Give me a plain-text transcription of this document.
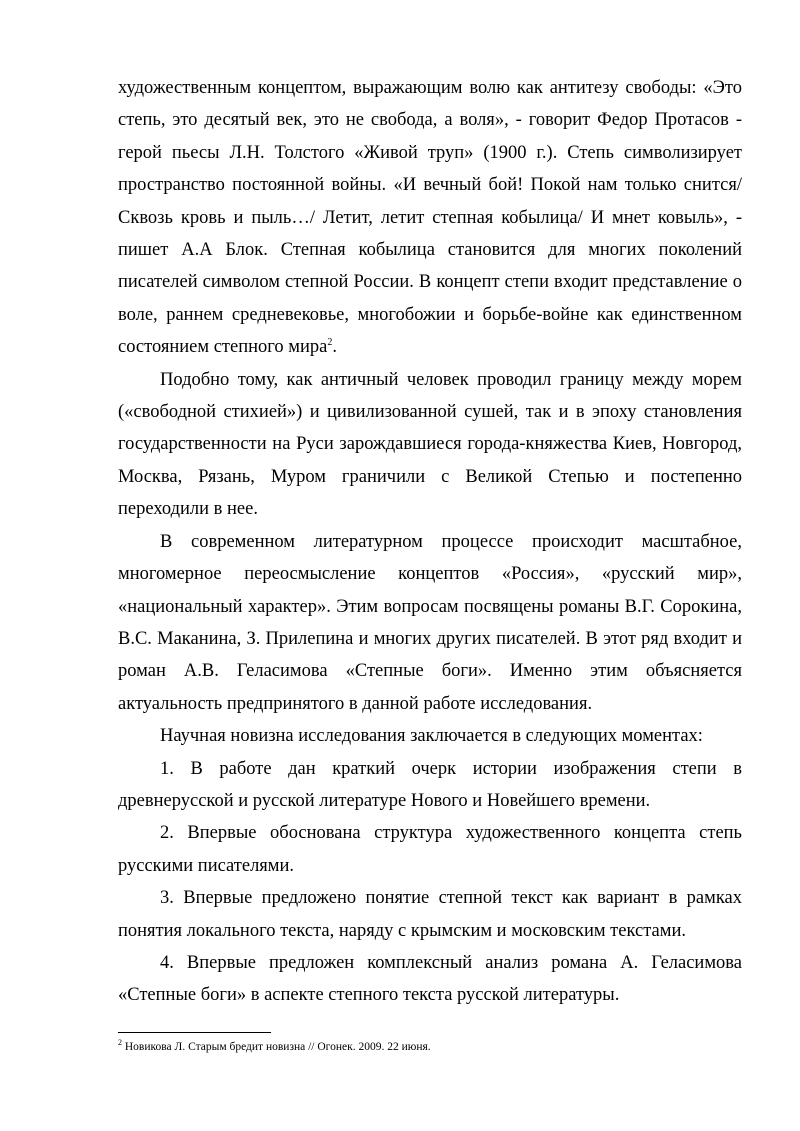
художественным концептом, выражающим волю как антитезу свободы: «Это степь, это десятый век, это не свобода, а воля», - говорит Федор Протасов - герой пьесы Л.Н. Толстого «Живой труп» (1900 г.). Степь символизирует пространство постоянной войны. «И вечный бой! Покой нам только снится/ Сквозь кровь и пыль…/ Летит, летит степная кобылица/ И мнет ковыль», - пишет А.А Блок. Степная кобылица становится для многих поколений писателей символом степной России. В концепт степи входит представление о воле, раннем средневековье, многобожии и борьбе-войне как единственном состоянием степного мира$^2$.

Подобно тому, как античный человек проводил границу между морем («свободной стихией») и цивилизованной сушей, так и в эпоху становления государственности на Руси зарождавшиеся города-княжества Киев, Новгород, Москва, Рязань, Муром граничили с Великой Степью и постепенно переходили в нее.

В современном литературном процессе происходит масштабное, многомерное переосмысление концептов «Россия», «русский мир», «национальный характер». Этим вопросам посвящены романы В.Г. Сорокина, В.С. Маканина, З. Прилепина и многих других писателей. В этот ряд входит и роман А.В. Геласимова «Степные боги». Именно этим объясняется актуальность предпринятого в данной работе исследования.

Научная новизна исследования заключается в следующих моментах:

1. В работе дан краткий очерк истории изображения степи в древнерусской и русской литературе Нового и Новейшего времени.

2. Впервые обоснована структура художественного концепта степь русскими писателями.

3. Впервые предложено понятие степной текст как вариант в рамках понятия локального текста, наряду с крымским и московским текстами.

4. Впервые предложен комплексный анализ романа А. Геласимова «Степные боги» в аспекте степного текста русской литературы.

$^2$ Новикова Л. Старым бредит новизна // Огонек. 2009. 22 июня.
